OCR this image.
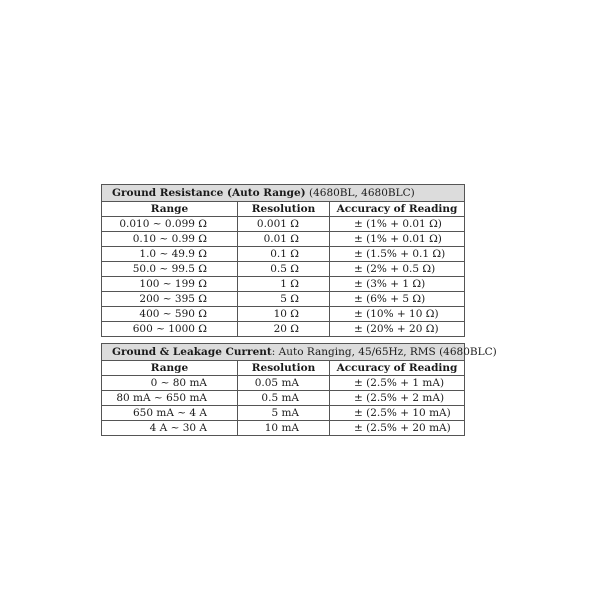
Ground Resistance (Auto Range) (4680BL, 4680BLC)		
Range	Resolution	Accuracy of Reading
0.010 ~ 0.099 Ω	0.001 Ω	± (1% + 0.01 Ω)
0.10 ~ 0.99 Ω	0.01 Ω	± (1% + 0.01 Ω)
1.0 ~ 49.9 Ω	0.1 Ω	± (1.5% + 0.1 Ω)
50.0 ~ 99.5 Ω	0.5 Ω	± (2% + 0.5 Ω)
100 ~ 199 Ω	1 Ω	± (3% + 1 Ω)
200 ~ 395 Ω	5 Ω	± (6% + 5 Ω)
400 ~ 590 Ω	10 Ω	± (10% + 10 Ω)
600 ~ 1000 Ω	20 Ω	± (20% + 20 Ω)
Ground & Leakage Current: Auto Ranging, 45/65Hz, RMS (4680BLC)		
Range	Resolution	Accuracy of Reading
0 ~ 80 mA	0.05 mA	± (2.5% + 1 mA)
80 mA ~ 650 mA	0.5 mA	± (2.5% + 2 mA)
650 mA ~ 4 A	5 mA	± (2.5% + 10 mA)
4 A ~ 30 A	10 mA	± (2.5% + 20 mA)
